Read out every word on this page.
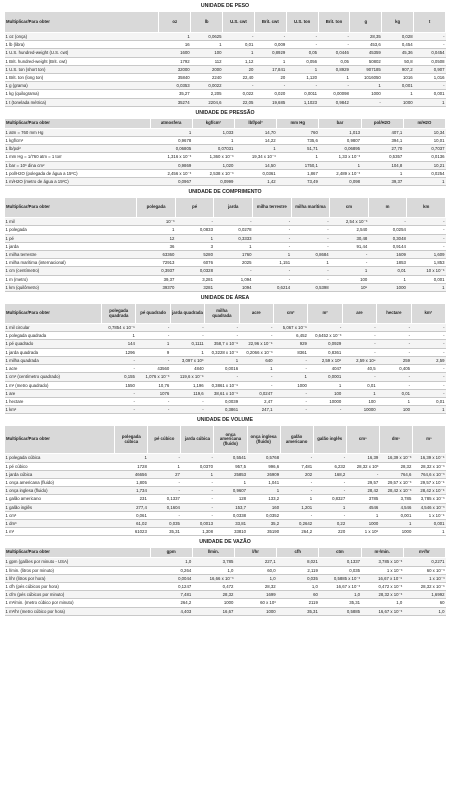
UNIDADE DE PESO
Multiplicar/Para obter	oz	lb	U.S. cwt	Brit. cwt	U.S. ton	Brit. ton	g	kg	t
1 oz (onça)	1	0,0625	-	-	-	-	28,35	0,028	-
1 lb (libra)	16	1	0,01	0,009	-	-	453,6	0,454	-
1 U.S. hundred-weight (U.S. cwt)	1600	100	1	0,8929	0,05	0,0446	45359	45,36	0,0454
1 Brit. hundred-weight (Brit. cwt)	1792	112	1,12	1	0,056	0,05	50802	50,8	0,0508
1 U.S. ton (short ton)	32000	2000	20	17,841	1	0,8929	907185	907,2	0,907
1 Brit. ton (long ton)	35840	2240	22,40	20	1,120	1	1016050	1016	1,016
1 g (grama)	0,0353	0,0022	-	-	-	-	1	0,001	-
1 kg (quilograma)	35,27	2,205	0,022	0,020	0,0011	0,00098	1000	1	0,001
1 t (tonelada métrica)	35274	2204,6	22,05	19,685	1,1023	0,9842	-	1000	1
UNIDADE DE PRESSÃO
Multiplicar/Para obter	atmosfera	kgf/cm²	lbf/pol²	mm Hg	bar	pol/H2O	m/H2O
1 atm = 760 mm Hg	1	1,033	14,70	760	1,013	407,1	10,34
1 kgf/cm²	0,9678	1	14,22	735,6	0,9807	394,1	10,01
1 lb/pol²	0,06805	0,07031	1	51,71	0,06895	27,70	0,7037
1 mm Hg = 1/760 atm = 1 torr	1,316 x 10⁻³	1,360 x 10⁻³	19,34 x 10⁻³	1	1,33 x 10⁻³	0,5357	0,0136
1 bar = 10⁶ dina cm²	0,9869	1,020	14,50	1750,1	1	104,8	10,21
1 pol/H2O (polegada de água a 15ºC)	2,456 x 10⁻³	2,538 x 10⁻³	0,0361	1,867	2,489 x 10⁻³	1	0,0254
1 m/H2O (metro de água a 15ºC)	0,0967	0,0999	1,42	73,49	0,098	39,37	1
UNIDADE DE COMPRIMENTO
Multiplicar/Para obter	polegada	pé	jarda	milha terrestre	milha marítima	cm	m	km
1 mil	10⁻³	-	-	-	-	2,54 x 10⁻³	-	-
1 polegada	1	0,0833	0,0278	-	-	2,540	0,0254	-
1 pé	12	1	0,3333	-	-	30,48	0,3048	-
1 jarda	36	3	1	-	-	91,44	0,9144	-
1 milha terrestre	63360	5280	1760	1	0,8684	-	1609	1,609
1 milha marítima (internacional)	72913	6076	2025	1,151	1	-	1853	1,853
1 cm (centímetro)	0,3937	0,0328	-	-	-	1	0,01	10 x 10⁻⁶
1 m (metro)	39,37	3,281	1,094	-	-	100	1	0,001
1 km (quilômetro)	39370	3281	1094	0,6214	0,5398	10⁵	1000	1
UNIDADE DE ÁREA
Multiplicar/Para obter	polegada quadrada	pé quadrado	jarda quadrada	milha quadrada	acre	cm²	m²	are	hectare	km²
1 mil circular	0,7854 x 10⁻⁶	-	-	-	-	5,067 x 10⁻⁶	-	-	-	-
1 polegada quadrada	1	-	-	-	-	6,452	0,6452 x 10⁻³	-	-	-
1 pé quadrado	144	1	0,1111	358,7 x 10⁻⁸	22,96 x 10⁻⁶	929	0,0929	-	-	-
1 jarda quadrada	1296	9	1	0,3228 x 10⁻⁶	0,2066 x 10⁻³	8361	0,8361	-	-	-
1 milha quadrada	-	-	3,097 x 10⁶	1	640	-	2,59 x 10⁶	2,59 x 10⁴	259	2,59
1 acre	-	43560	4840	0,0016	1	-	4047	40,5	0,405	-
1 cm² (centímetro quadrado)	0,155	1,076 x 10⁻³	119,6 x 10⁻⁶	-	-	1	0,0001	-	-	-
1 m² (metro quadrado)	1550	10,76	1,196	0,3861 x 10⁻⁶	-	1000	1	0,01	-	-
1 are	-	1076	119,6	38,61 x 10⁻⁶	0,0247	-	100	1	0,01	-
1 hectare	-	-	-	0,0039	2,47	-	10000	100	1	0,01
1 km²	-	-	-	0,3861	247,1	-	-	10000	100	1
UNIDADE DE VOLUME
Multiplicar/Para obter	polegada cúbica	pé cúbico	jarda cúbica	onça americana (fluido)	onça inglesa (fluido)	galão americano	galão inglês	cm³	dm³	m³
1 polegada cúbica	1	-	-	0,5541	0,5768	-	-	16,39	16,39 x 10⁻³	16,39 x 10⁻⁶
1 pé cúbico	1728	1	0,0370	957,5	996,6	7,481	6,232	28,32 x 10³	28,32	28,32 x 10⁻³
1 jarda cúbica	46656	27	1	25853	26909	202	168,2	-	764,6	764,6 x 10⁻³
1 onça americana (fluido)	1,805	-	-	1	1,041	-	-	29,57	29,57 x 10⁻³	29,57 x 10⁻⁶
1 onça inglesa (fluido)	1,734	-	-	0,9607	1	-	-	28,42	28,42 x 10⁻³	28,42 x 10⁻⁶
1 galão americano	231	0,1337	-	128	133,2	1	0,8327	3785	3,785	3,785 x 10⁻³
1 galão inglês	277,4	0,1604	-	153,7	160	1,201	1	4546	4,546	4,546 x 10⁻³
1 cm³	0,061	-	-	0,0338	0,0352	-	-	1	0,001	1 x 10⁻⁶
1 dm³	61,02	0,035	0,0013	33,81	35,2	0,2642	0,22	1000	1	0,001
1 m³	61023	35,31	1,308	33810	35190	264,2	220	1 x 10⁶	1000	1
UNIDADE DE VAZÃO
Multiplicar/Para obter	gpm	l/min.	l/hr	cfh	ctm	m³/min.	m³/hr
1 gpm (galões por minuto - USA)	1,0	3,785	227,1	8,021	0,1337	3,785 x 10⁻³	0,2271
1 l/min. (litros por minuto)	0,264	1,0	60,0	2,119	0,035	1 x 10⁻³	60 x 10⁻³
1 l/hr (litros por hora)	0,0044	16,66 x 10⁻³	1,0	0,035	0,5885 x 10⁻³	16,67 x 10⁻⁶	1 x 10⁻³
1 cfh (pés cúbicos por hora)	0,1247	0,472	28,32	1,0	16,67 x 10⁻³	0,472 x 10⁻³	28,32 x 10⁻³
1 cfm (pés cúbicos por minuto)	7,481	28,32	1699	60	1,0	28,32 x 10⁻³	1,6992
1 m³/min. (metro cúbico por minuto)	264,2	1000	60 x 10³	2119	35,31	1,0	60
1 m³/hr (metro cúbico por hora)	4,403	16,67	1000	35,31	0,5885	16,67 x 10⁻³	1,0
